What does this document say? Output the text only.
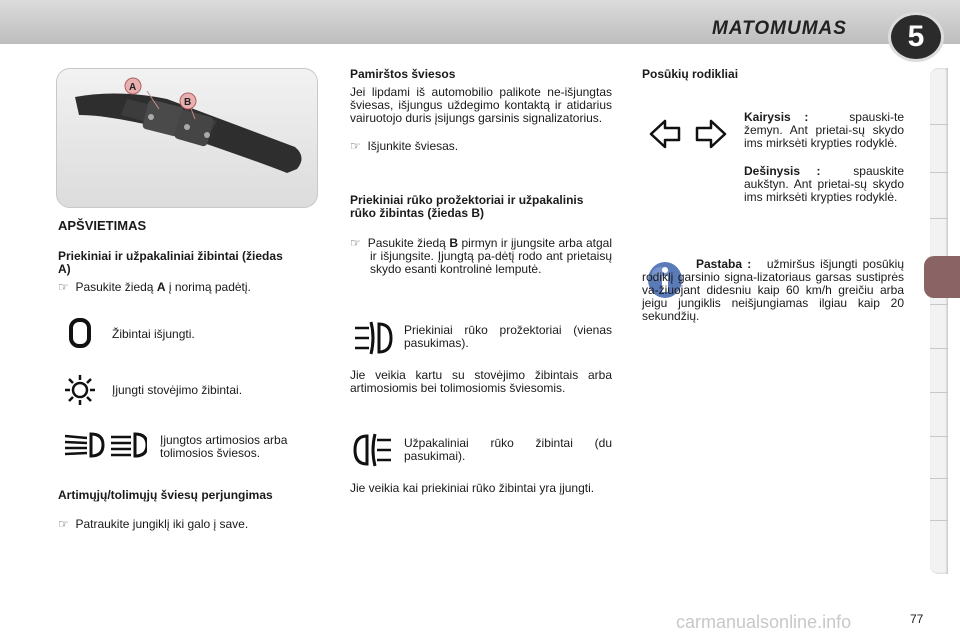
MATOMUMAS	5
A
B
APŠVIETIMAS
Priekiniai ir užpakaliniai žibintai (žiedas A)
☞ Pasukite žiedą A į norimą padėtį.
Žibintai išjungti.
Įjungti stovėjimo žibintai.
Įjungtos artimosios arba tolimosios šviesos.
Artimųjų/tolimųjų šviesų perjungimas
☞ Patraukite jungiklį iki galo į save.
Pamirštos šviesos
Jei lipdami iš automobilio palikote ne-išjungtas šviesas, išjungus uždegimo kontaktą ir atidarius vairuotojo duris įsijungs garsinis signalizatorius.
☞ Išjunkite šviesas.
Priekiniai rūko prožektoriai ir užpakalinis rūko žibintas (žiedas B)
☞ Pasukite žiedą B pirmyn ir įjungsite arba atgal ir išjungsite. Įjungtą pa-dėtį rodo ant prietaisų skydo esanti kontrolinė lemputė.
Priekiniai rūko prožektoriai (vienas pasukimas).
Jie veikia kartu su stovėjimo žibintais arba artimosiomis bei tolimosiomis šviesomis.
Užpakaliniai rūko žibintai (du pasukimai).
Jie veikia kai priekiniai rūko žibintai yra įjungti.
Posūkių rodikliai
Kairysis :	spauski-te žemyn. Ant prietai-sų skydo ims mirksėti krypties rodyklė.
Dešinysis :	spauskite aukštyn. Ant prietai-sų skydo ims mirksėti krypties rodyklė.
Pastaba : užmiršus išjungti posūkių rodiklį garsinio signa-lizatoriaus garsas sustiprės va-žiuojant didesniu kaip 60 km/h greičiu arba jeigu jungiklis neišjungiamas ilgiau kaip 20 sekundžių.
carmanualsonline.info	77
